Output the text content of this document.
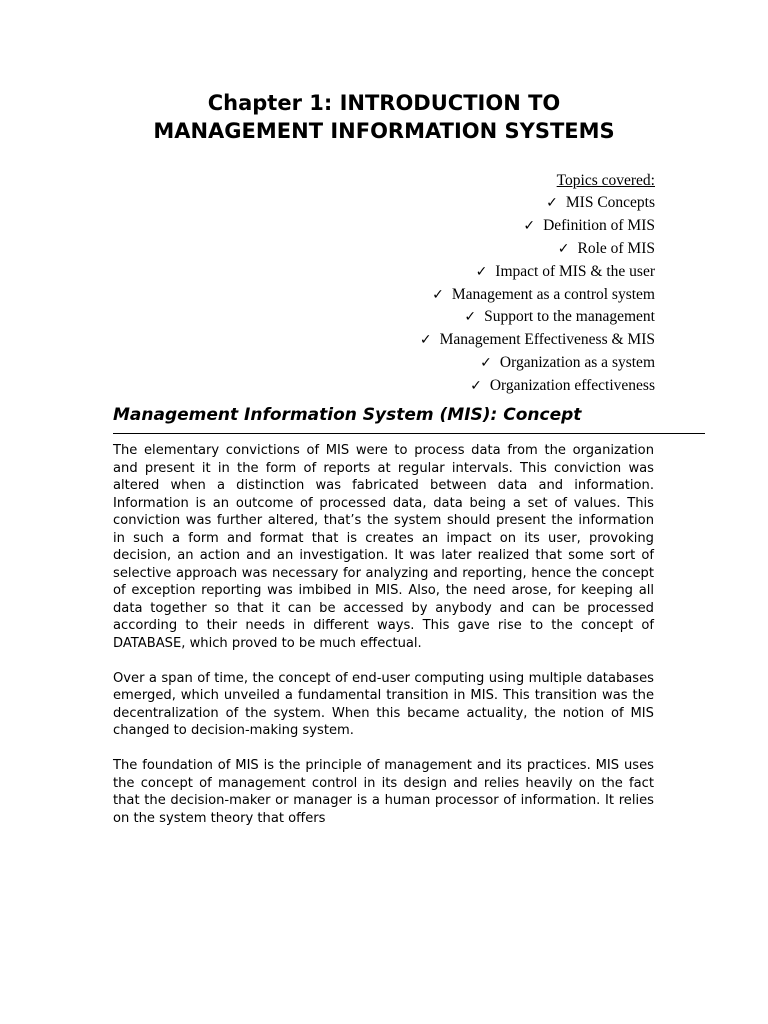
Chapter 1: INTRODUCTION TO
MANAGEMENT INFORMATION SYSTEMS
Topics covered:
✓ MIS Concepts
✓ Definition of MIS
✓ Role of MIS
✓ Impact of MIS & the user
✓ Management as a control system
✓ Support to the management
✓ Management Effectiveness & MIS
✓ Organization as a system
✓ Organization effectiveness
Management Information System (MIS): Concept

The elementary convictions of MIS were to process data from the organization and present it in the form of reports at regular intervals. This conviction was altered when a distinction was fabricated between data and information. Information is an outcome of processed data, data being a set of values. This conviction was further altered, that’s the system should present the information in such a form and format that is creates an impact on its user, provoking decision, an action and an investigation. It was later realized that some sort of selective approach was necessary for analyzing and reporting, hence the concept of exception reporting was imbibed in MIS. Also, the need arose, for keeping all data together so that it can be accessed by anybody and can be processed according to their needs in different ways. This gave rise to the concept of DATABASE, which proved to be much effectual.

Over a span of time, the concept of end-user computing using multiple databases emerged, which unveiled a fundamental transition in MIS. This transition was the decentralization of the system. When this became actuality, the notion of MIS changed to decision-making system.

The foundation of MIS is the principle of management and its practices. MIS uses the concept of management control in its design and relies heavily on the fact that the decision-maker or manager is a human processor of information. It relies on the system theory that offers
